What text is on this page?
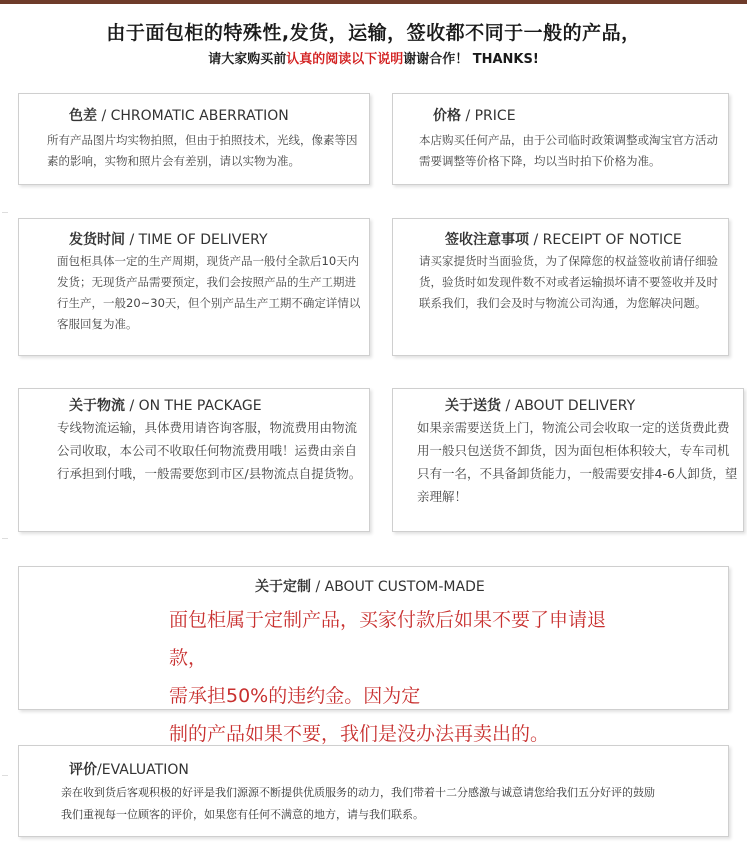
由于面包柜的特殊性,发货，运输，签收都不同于一般的产品，
请大家购买前认真的阅读以下说明谢谢合作！ THANKS!
色差 / CHROMATIC ABERRATION
所有产品图片均实物拍照，但由于拍照技术，光线，像素等因素的影响，实物和照片会有差别，请以实物为准。
价格 / PRICE
本店购买任何产品，由于公司临时政策调整或淘宝官方活动需要调整等价格下降，均以当时拍下价格为准。
发货时间 / TIME OF DELIVERY
面包柜具体一定的生产周期，现货产品一般付全款后10天内发货；无现货产品需要预定，我们会按照产品的生产工期进行生产，一般20~30天，但个别产品生产工期不确定详情以客服回复为准。
签收注意事项 / RECEIPT OF NOTICE
请买家提货时当面验货，为了保障您的权益签收前请仔细验货，验货时如发现件数不对或者运输损坏请不要签收并及时联系我们，我们会及时与物流公司沟通，为您解决问题。
关于物流 / ON THE PACKAGE
专线物流运输，具体费用请咨询客服，物流费用由物流公司收取，本公司不收取任何物流费用哦！运费由亲自行承担到付哦，一般需要您到市区/县物流点自提货物。
关于送货 / ABOUT DELIVERY
如果亲需要送货上门，物流公司会收取一定的送货费此费用一般只包送货不卸货，因为面包柜体积较大，专车司机只有一名，不具备卸货能力，一般需要安排4-6人卸货，望亲理解！
关于定制 / ABOUT CUSTOM-MADE
面包柜属于定制产品，买家付款后如果不要了申请退款，
需承担50%的违约金。因为定
制的产品如果不要，我们是没办法再卖出的。
评价/EVALUATION
亲在收到货后客观积极的好评是我们源源不断提供优质服务的动力，我们带着十二分感激与诚意请您给我们五分好评的鼓励
我们重视每一位顾客的评价，如果您有任何不满意的地方，请与我们联系。
